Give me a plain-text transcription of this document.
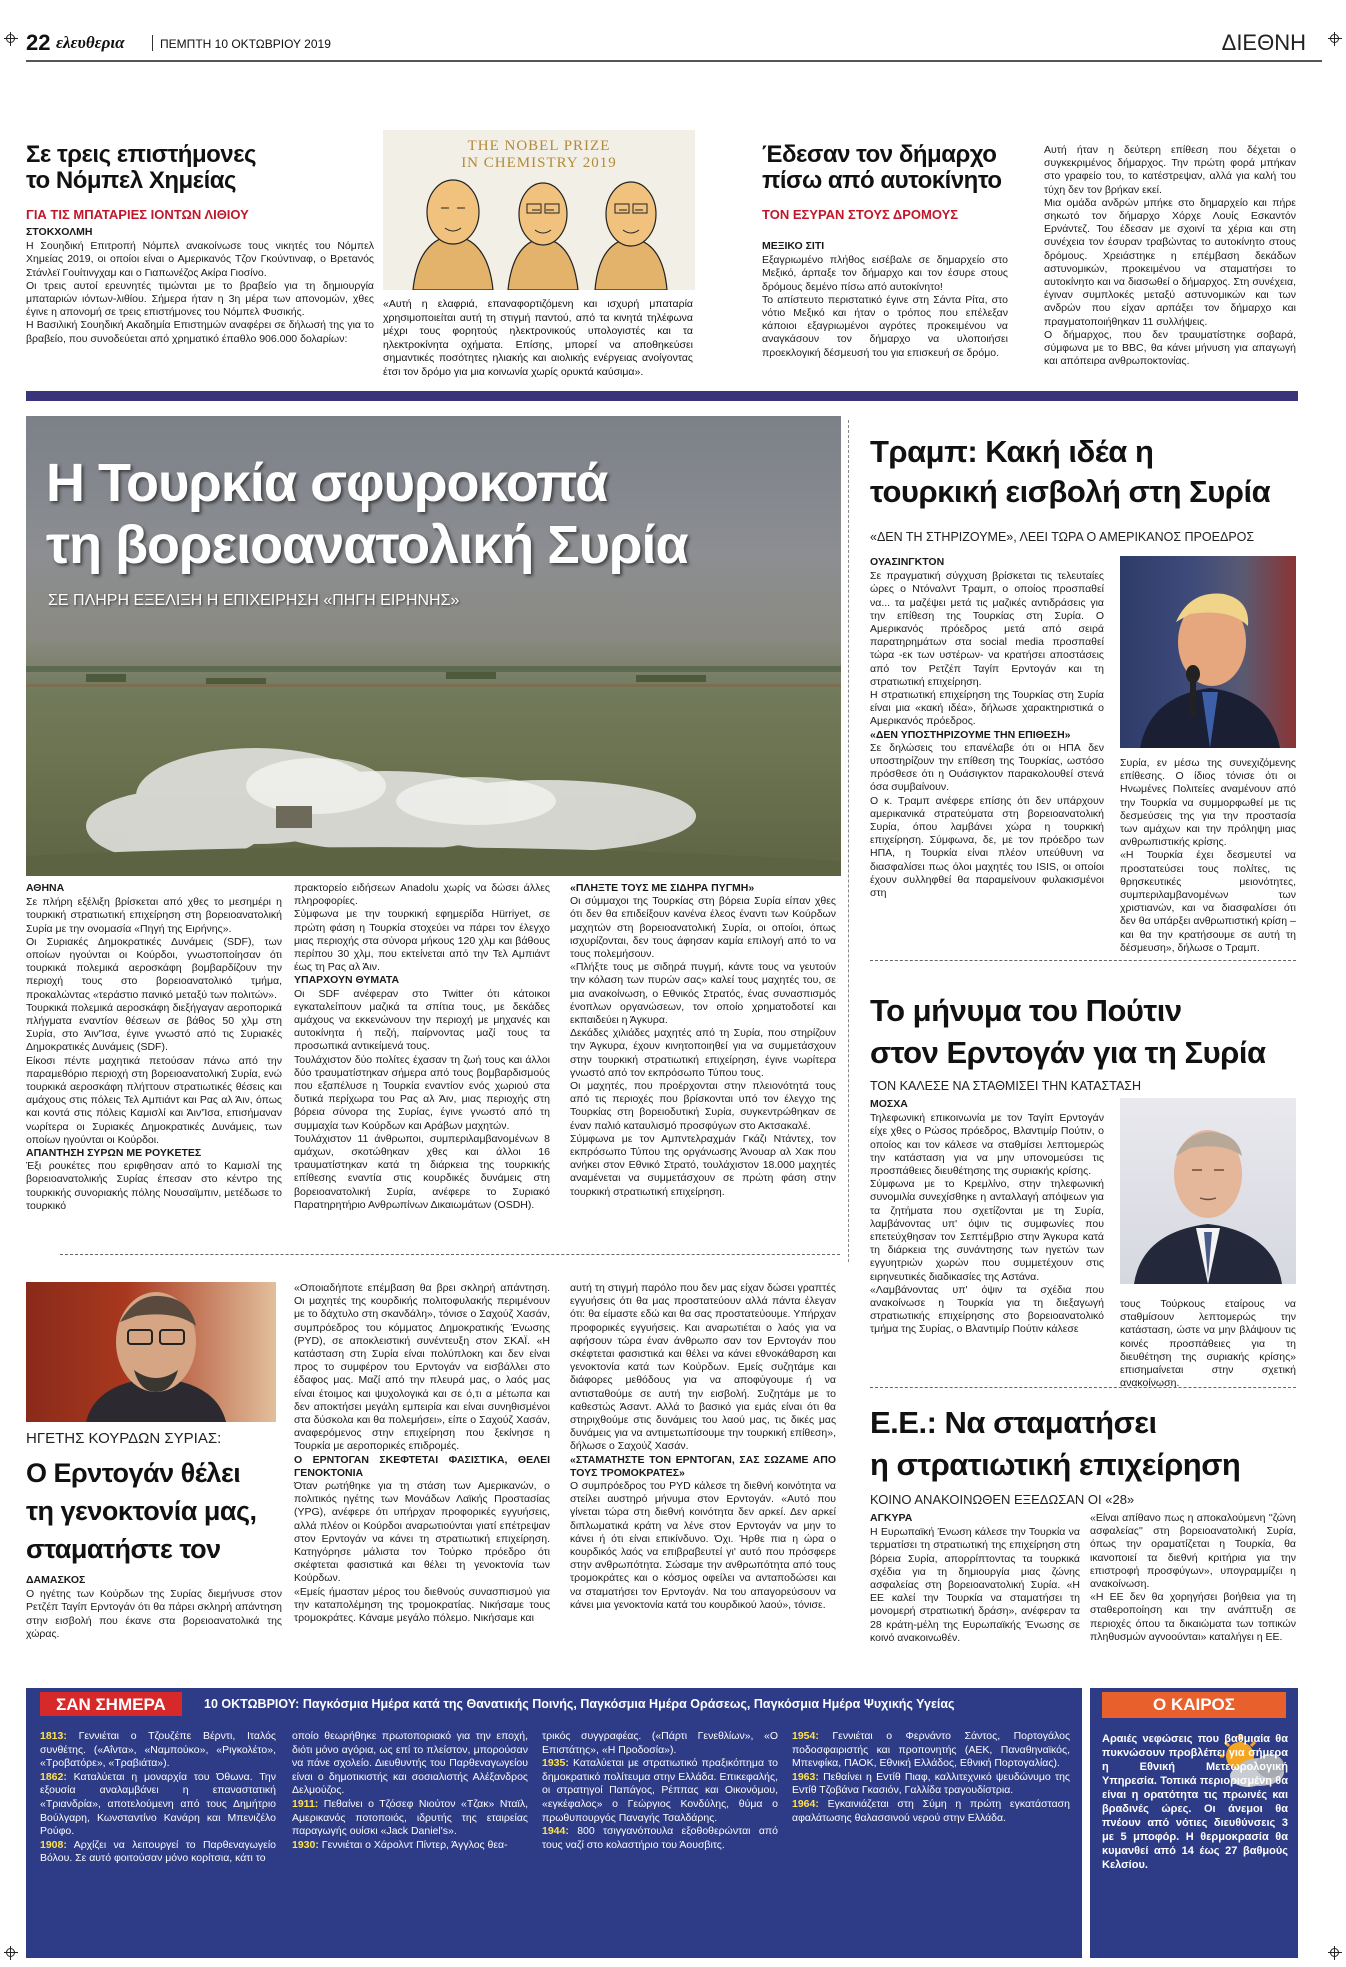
22 ελευθερια	ΠΕΜΠΤΗ 10 ΟΚΤΩΒΡΙΟΥ 2019	ΔΙΕΘΝΗ
Σε τρεις επιστήμονες
το Νόμπελ Χημείας
ΓΙΑ ΤΙΣ ΜΠΑΤΑΡΙΕΣ ΙΟΝΤΩΝ ΛΙΘΙΟΥ
ΣΤΟΚΧΟΛΜΗ

Η Σουηδική Επιτροπή Νόμπελ ανακοίνωσε τους νικητές του Νόμπελ Χημείας 2019, οι οποίοι είναι ο Αμερικανός Τζον Γκούντιναφ, ο Βρετανός Στάνλεϊ Γουίτινγχαμ και ο Γιαπωνέζος Ακίρα Γιοσίνο.

Οι τρεις αυτοί ερευνητές τιμώνται με το βραβείο για τη δημιουργία μπαταριών ιόντων-λιθίου. Σήμερα ήταν η 3η μέρα των απονομών, χθες έγινε η απονομή σε τρεις επιστήμονες του Νόμπελ Φυσικής.

Η Βασιλική Σουηδική Ακαδημία Επιστημών αναφέρει σε δήλωσή της για το βραβείο, που συνοδεύεται από χρηματικό έπαθλο 906.000 δολαρίων:

THE NOBEL PRIZE
IN CHEMISTRY 2019
«Αυτή η ελαφριά, επαναφορτιζόμενη και ισχυρή μπαταρία χρησιμοποιείται αυτή τη στιγμή παντού, από τα κινητά τηλέφωνα μέχρι τους φορητούς ηλεκτρονικούς υπολογιστές και τα ηλεκτροκίνητα οχήματα. Επίσης, μπορεί να αποθηκεύσει σημαντικές ποσότητες ηλιακής και αιολικής ενέργειας ανοίγοντας έτσι τον δρόμο για μια κοινωνία χωρίς ορυκτά καύσιμα».
Έδεσαν τον δήμαρχο
πίσω από αυτοκίνητο
ΤΟΝ ΕΣΥΡΑΝ ΣΤΟΥΣ ΔΡΟΜΟΥΣ
ΜΕΞΙΚΟ ΣΙΤΙ

Εξαγριωμένο πλήθος εισέβαλε σε δημαρχείο στο Μεξικό, άρπαξε τον δήμαρχο και τον έσυρε στους δρόμους δεμένο πίσω από αυτοκίνητο!

Το απίστευτο περιστατικό έγινε στη Σάντα Ρίτα, στο νότιο Μεξικό και ήταν ο τρόπος που επέλεξαν κάποιοι εξαγριωμένοι αγρότες προκειμένου να αναγκάσουν τον δήμαρχο να υλοποιήσει προεκλογική δέσμευσή του για επισκευή σε δρόμο.

Αυτή ήταν η δεύτερη επίθεση που δέχεται ο συγκεκριμένος δήμαρχος. Την πρώτη φορά μπήκαν στο γραφείο του, το κατέστρεψαν, αλλά για καλή του τύχη δεν τον βρήκαν εκεί.

Μια ομάδα ανδρών μπήκε στο δημαρχείο και πήρε σηκωτό τον δήμαρχο Χόρχε Λουίς Εσκαντόν Ερνάντεζ. Του έδεσαν με σχοινί τα χέρια και στη συνέχεια τον έσυραν τραβώντας το αυτοκίνητο στους δρόμους. Χρειάστηκε η επέμβαση δεκάδων αστυνομικών, προκειμένου να σταματήσει το αυτοκίνητο και να διασωθεί ο δήμαρχος. Στη συνέχεια, έγιναν συμπλοκές μεταξύ αστυνομικών και των ανδρών που είχαν αρπάξει τον δήμαρχο και πραγματοποιήθηκαν 11 συλλήψεις.

Ο δήμαρχος, που δεν τραυματίστηκε σοβαρά, σύμφωνα με το BBC, θα κάνει μήνυση για απαγωγή και απόπειρα ανθρωποκτονίας.

Η Τουρκία σφυροκοπά
τη βορειοανατολική Συρία
ΣΕ ΠΛΗΡΗ ΕΞΕΛΙΞΗ Η ΕΠΙΧΕΙΡΗΣΗ «ΠΗΓΗ ΕΙΡΗΝΗΣ»
ΑΘΗΝΑ

Σε πλήρη εξέλιξη βρίσκεται από χθες το μεσημέρι η τουρκική στρατιωτική επιχείρηση στη βορειοανατολική Συρία με την ονομασία «Πηγή της Ειρήνης».

Οι Συριακές Δημοκρατικές Δυνάμεις (SDF), των οποίων ηγούνται οι Κούρδοι, γνωστοποίησαν ότι τουρκικά πολεμικά αεροσκάφη βομβαρδίζουν την περιοχή τους στο βορειοανατολικό τμήμα, προκαλώντας «τεράστιο πανικό μεταξύ των πολιτών».

Τουρκικά πολεμικά αεροσκάφη διεξήγαγαν αεροπορικά πλήγματα εναντίον θέσεων σε βάθος 50 χλμ στη Συρία, στο Άιν'Ίσα, έγινε γνωστό από τις Συριακές Δημοκρατικές Δυνάμεις (SDF).

Είκοσι πέντε μαχητικά πετούσαν πάνω από την παραμεθόριο περιοχή στη βορειοανατολική Συρία, ενώ τουρκικά αεροσκάφη πλήττουν στρατιωτικές θέσεις και αμάχους στις πόλεις Τελ Αμπιάντ και Ρας αλ Άιν, όπως και κοντά στις πόλεις Καμισλί και Άιν'Ίσα, επισήμαναν νωρίτερα οι Συριακές Δημοκρατικές Δυνάμεις, των οποίων ηγούνται οι Κούρδοι.

ΑΠΑΝΤΗΣΗ ΣΥΡΩΝ ΜΕ ΡΟΥΚΕΤΕΣ

Έξι ρουκέτες που εριφθησαν από το Καμισλί της βορειοανατολικής Συρίας έπεσαν στο κέντρο της τουρκικής συνοριακής πόλης Νουσαϊμπιν, μετέδωσε το τουρκικό

πρακτορείο ειδήσεων Anadolu χωρίς να δώσει άλλες πληροφορίες.

Σύμφωνα με την τουρκική εφημερίδα Hürriyet, σε πρώτη φάση η Τουρκία στοχεύει να πάρει τον έλεγχο μιας περιοχής στα σύνορα μήκους 120 χλμ και βάθους περίπου 30 χλμ, που εκτείνεται από την Τελ Αμπιάντ έως τη Ρας αλ Άιν.

ΥΠΑΡΧΟΥΝ ΘΥΜΑΤΑ

Οι SDF ανέφεραν στο Twitter ότι κάτοικοι εγκαταλείπουν μαζικά τα σπίτια τους, με δεκάδες αμάχους να εκκενώνουν την περιοχή με μηχανές και αυτοκίνητα ή πεζή, παίρνοντας μαζί τους τα προσωπικά αντικείμενά τους.

Τουλάχιστον δύο πολίτες έχασαν τη ζωή τους και άλλοι δύο τραυματίστηκαν σήμερα από τους βομβαρδισμούς που εξαπέλυσε η Τουρκία εναντίον ενός χωριού στα δυτικά περίχωρα του Ρας αλ Άιν, μιας περιοχής στη βόρεια σύνορα της Συρίας, έγινε γνωστό από τη συμμαχία των Κούρδων και Αράβων μαχητών.

Τουλάχιστον 11 άνθρωποι, συμπεριλαμβανομένων 8 αμάχων, σκοτώθηκαν χθες και άλλοι 16 τραυματίστηκαν κατά τη διάρκεια της τουρκικής επίθεσης εναντία στις κουρδικές δυνάμεις στη βορειοανατολική Συρία, ανέφερε το Συριακό Παρατηρητήριο Ανθρωπίνων Δικαιωμάτων (OSDH).

«ΠΛΗΞΤΕ ΤΟΥΣ ΜΕ ΣΙΔΗΡΑ ΠΥΓΜΗ»

Οι σύμμαχοι της Τουρκίας στη βόρεια Συρία είπαν χθες ότι δεν θα επιδείξουν κανένα έλεος έναντι των Κούρδων μαχητών στη βορειοανατολική Συρία, οι οποίοι, όπως ισχυρίζονται, δεν τους άφησαν καμία επιλογή από το να τους πολεμήσουν.

«Πλήξτε τους με σιδηρά πυγμή, κάντε τους να γευτούν την κόλαση των πυρών σας» καλεί τους μαχητές του, σε μια ανακοίνωση, ο Εθνικός Στρατός, ένας συνασπισμός ένοπλων οργανώσεων, τον οποίο χρηματοδοτεί και εκπαιδεύει η Άγκυρα.

Δεκάδες χιλιάδες μαχητές από τη Συρία, που στηρίζουν την Άγκυρα, έχουν κινητοποιηθεί για να συμμετάσχουν στην τουρκική στρατιωτική επιχείρηση, έγινε νωρίτερα γνωστό από τον εκπρόσωπο Τύπου τους.

Οι μαχητές, που προέρχονται στην πλειονότητά τους από τις περιοχές που βρίσκονται υπό τον έλεγχο της Τουρκίας στη βορειοδυτική Συρία, συγκεντρώθηκαν σε έναν παλιό καταυλισμό προσφύγων στο Ακτσακαλέ.

Σύμφωνα με τον Αμπντελραχμάν Γκάζι Ντάντεχ, τον εκπρόσωπο Τύπου της οργάνωσης Άνουαρ αλ Χακ που ανήκει στον Εθνικό Στρατό, τουλάχιστον 18.000 μαχητές αναμένεται να συμμετάσχουν σε πρώτη φάση στην τουρκική στρατιωτική επιχείρηση.

Τραμπ: Κακή ιδέα η
τουρκική εισβολή στη Συρία
«ΔΕΝ ΤΗ ΣΤΗΡΙΖΟΥΜΕ», ΛΕΕΙ ΤΩΡΑ Ο ΑΜΕΡΙΚΑΝΟΣ ΠΡΟΕΔΡΟΣ
ΟΥΑΣΙΝΓΚΤΟΝ

Σε πραγματική σύγχυση βρίσκεται τις τελευταίες ώρες ο Ντόναλντ Τραμπ, ο οποίος προσπαθεί να... τα μαζέψει μετά τις μαζικές αντιδράσεις για την επίθεση της Τουρκίας στη Συρία. Ο Αμερικανός πρόεδρος μετά από σειρά παρατηρημάτων στα social media προσπαθεί τώρα -εκ των υστέρων- να κρατήσει αποστάσεις από τον Ρετζέπ Ταγίπ Ερντογάν και τη στρατιωτική επιχείρηση.

Η στρατιωτική επιχείρηση της Τουρκίας στη Συρία είναι μια «κακή ιδέα», δήλωσε χαρακτηριστικά ο Αμερικανός πρόεδρος.

«ΔΕΝ ΥΠΟΣΤΗΡΙΖΟΥΜΕ ΤΗΝ ΕΠΙΘΕΣΗ»

Σε δηλώσεις του επανέλαβε ότι οι ΗΠΑ δεν υποστηρίζουν την επίθεση της Τουρκίας, ωστόσο πρόσθεσε ότι η Ουάσιγκτον παρακολουθεί στενά όσα συμβαίνουν.

Ο κ. Τραμπ ανέφερε επίσης ότι δεν υπάρχουν αμερικανικά στρατεύματα στη βορειοανατολική Συρία, όπου λαμβάνει χώρα η τουρκική επιχείρηση. Σύμφωνα, δε, με τον πρόεδρο των ΗΠΑ, η Τουρκία είναι πλέον υπεύθυνη να διασφαλίσει πως όλοι μαχητές του ISIS, οι οποίοι έχουν συλληφθεί θα παραμείνουν φυλακισμένοι στη

Συρία, εν μέσω της συνεχιζόμενης επίθεσης. Ο ίδιος τόνισε ότι οι Ηνωμένες Πολιτείες αναμένουν από την Τουρκία να συμμορφωθεί με τις δεσμεύσεις της για την προστασία των αμάχων και την πρόληψη μιας ανθρωπιστικής κρίσης.

«Η Τουρκία έχει δεσμευτεί να προστατεύσει τους πολίτες, τις θρησκευτικές μειονότητες, συμπεριλαμβανομένων των χριστιανών, και να διασφαλίσει ότι δεν θα υπάρξει ανθρωπιστική κρίση – και θα την κρατήσουμε σε αυτή τη δέσμευση», δήλωσε ο Τραμπ.

Το μήνυμα του Πούτιν
στον Ερντογάν για τη Συρία
ΤΟΝ ΚΑΛΕΣΕ ΝΑ ΣΤΑΘΜΙΣΕΙ ΤΗΝ ΚΑΤΑΣΤΑΣΗ
ΜΟΣΧΑ

Τηλεφωνική επικοινωνία με τον Ταγίπ Ερντογάν είχε χθες ο Ρώσος πρόεδρος, Βλαντιμίρ Πούτιν, ο οποίος και τον κάλεσε να σταθμίσει λεπτομερώς την κατάσταση για να μην υπονομεύσει τις προσπάθειες διευθέτησης της συριακής κρίσης.

Σύμφωνα με το Κρεμλίνο, στην τηλεφωνική συνομιλία συνεχίσθηκε η ανταλλαγή απόψεων για τα ζητήματα που σχετίζονται με τη Συρία, λαμβάνοντας υπ' όψιν τις συμφωνίες που επετεύχθησαν τον Σεπτέμβριο στην Άγκυρα κατά τη διάρκεια της συνάντησης των ηγετών των εγγυητριών χωρών που συμμετέχουν στις ειρηνευτικές διαδικασίες της Αστάνα.

«Λαμβάνοντας υπ' όψιν τα σχέδια που ανακοίνωσε η Τουρκία για τη διεξαγωγή στρατιωτικής επιχείρησης στο βορειοανατολικό τμήμα της Συρίας, ο Βλαντιμίρ Πούτιν κάλεσε

τους Τούρκους εταίρους να σταθμίσουν λεπτομερώς την κατάσταση, ώστε να μην βλάψουν τις κοινές προσπάθειες για τη διευθέτηση της συριακής κρίσης» επισημαίνεται στην σχετική ανακοίνωση.

ΗΓΕΤΗΣ ΚΟΥΡΔΩΝ ΣΥΡΙΑΣ:
Ο Ερντογάν θέλει
τη γενοκτονία μας,
σταματήστε τον
ΔΑΜΑΣΚΟΣ

Ο ηγέτης των Κούρδων της Συρίας διεμήνυσε στον Ρετζέπ Ταγίπ Ερντογάν ότι θα πάρει σκληρή απάντηση στην εισβολή που έκανε στα βορειοανατολικά της χώρας.

«Οποιαδήποτε επέμβαση θα βρει σκληρή απάντηση. Οι μαχητές της κουρδικής πολιτοφυλακής περιμένουν με το δάχτυλο στη σκανδάλη», τόνισε ο Σαχούζ Χασάν, συμπρόεδρος του κόμματος Δημοκρατικής Ένωσης (PYD), σε αποκλειστική συνέντευξη στον ΣΚΑΪ. «Η κατάσταση στη Συρία είναι πολύπλοκη και δεν είναι προς το συμφέρον του Ερντογάν να εισβάλλει στο έδαφος μας. Μαζί από την πλευρά μας, ο λαός μας είναι έτοιμος και ψυχολογικά και σε ό,τι α μέτωπα και δεν αποκτήσει μεγάλη εμπειρία και είναι συνηθισμένοι στα δύσκολα και θα πολεμήσει», είπε ο Σαχούζ Χασάν, αναφερόμενος στην επιχείρηση που ξεκίνησε η Τουρκία με αεροπορικές επιδρομές.

Ο ΕΡΝΤΟΓΑΝ ΣΚΕΦΤΕΤΑΙ ΦΑΣΙΣΤΙΚΑ, ΘΕΛΕΙ ΓΕΝΟΚΤΟΝΙΑ

Όταν ρωτήθηκε για τη στάση των Αμερικανών, ο πολιτικός ηγέτης των Μονάδων Λαϊκής Προστασίας (YPG), ανέφερε ότι υπήρχαν προφορικές εγγυήσεις, αλλά πλέον οι Κούρδοι αναρωτιούνται γιατί επέτρεψαν στον Ερντογάν να κάνει τη στρατιωτική επιχείρηση. Κατηγόρησε μάλιστα τον Τούρκο πρόεδρο ότι σκέφτεται φασιστικά και θέλει τη γενοκτονία των Κούρδων.

«Εμείς ήμασταν μέρος του διεθνούς συνασπισμού για την καταπολέμηση της τρομοκρατίας. Νικήσαμε τους τρομοκράτες. Κάναμε μεγάλο πόλεμο. Νικήσαμε και

αυτή τη στιγμή παρόλο που δεν μας είχαν δώσει γραπτές εγγυήσεις ότι θα μας προστατεύουν αλλά πάντα έλεγαν ότι: θα είμαστε εδώ και θα σας προστατεύουμε. Υπήρχαν προφορικές εγγυήσεις. Και αναρωτιέται ο λαός για να αφήσουν τώρα έναν άνθρωπο σαν τον Ερντογάν που σκέφτεται φασιστικά και θέλει να κάνει εθνοκάθαρση και γενοκτονία κατά των Κούρδων. Εμείς συζητάμε και διάφορες μεθόδους για να αποφύγουμε ή να αντισταθούμε σε αυτή την εισβολή. Συζητάμε με το καθεστώς Άσαντ. Αλλά το βασικό για εμάς είναι ότι θα στηριχθούμε στις δυνάμεις του λαού μας, τις δικές μας δυνάμεις για να αντιμετωπίσουμε την τουρκική επίθεση», δήλωσε ο Σαχούζ Χασάν.

«ΣΤΑΜΑΤΗΣΤΕ ΤΟΝ ΕΡΝΤΟΓΑΝ, ΣΑΣ ΣΩΖΑΜΕ ΑΠΟ ΤΟΥΣ ΤΡΟΜΟΚΡΑΤΕΣ»

Ο συμπρόεδρος του PYD κάλεσε τη διεθνή κοινότητα να στείλει αυστηρό μήνυμα στον Ερντογάν. «Αυτό που γίνεται τώρα στη διεθνή κοινότητα δεν αρκεί. Δεν αρκεί διπλωματικά κράτη να λένε στον Ερντογάν να μην το κάνει ή ότι είναι επικίνδυνο. Όχι. Ήρθε πια η ώρα ο κουρδικός λαός να επιβραβευτεί γι' αυτό που πρόσφερε στην ανθρωπότητα. Σώσαμε την ανθρωπότητα από τους τρομοκράτες και ο κόσμος οφείλει να ανταποδώσει και να σταματήσει τον Ερντογάν. Να του απαγορεύσουν να κάνει μια γενοκτονία κατά του κουρδικού λαού», τόνισε.

Ε.Ε.: Να σταματήσει
η στρατιωτική επιχείρηση
ΚΟΙΝΟ ΑΝΑΚΟΙΝΩΘΕΝ ΕΞΕΔΩΣΑΝ ΟΙ «28»
ΑΓΚΥΡΑ

Η Ευρωπαϊκή Ένωση κάλεσε την Τουρκία να τερματίσει τη στρατιωτική της επιχείρηση στη βόρεια Συρία, απορρίπτοντας τα τουρκικά σχέδια για τη δημιουργία μιας ζώνης ασφαλείας στη βορειοανατολική Συρία. «Η ΕΕ καλεί την Τουρκία να σταματήσει τη μονομερή στρατιωτική δράση», ανέφεραν τα 28 κράτη-μέλη της Ευρωπαϊκής Ένωσης σε κοινό ανακοινωθέν.

«Είναι απίθανο πως η αποκαλούμενη ''ζώνη ασφαλείας'' στη βορειοανατολική Συρία, όπως την οραματίζεται η Τουρκία, θα ικανοποιεί τα διεθνή κριτήρια για την επιστροφή προσφύγων», υπογραμμίζει η ανακοίνωση.

«Η ΕΕ δεν θα χορηγήσει βοήθεια για τη σταθεροποίηση και την ανάπτυξη σε περιοχές όπου τα δικαιώματα των τοπικών πληθυσμών αγνοούνται» καταλήγει η ΕΕ.

ΣΑΝ ΣΗΜΕΡΑ	10 ΟΚΤΩΒΡΙΟΥ: Παγκόσμια Ημέρα κατά της Θανατικής Ποινής, Παγκόσμια Ημέρα Οράσεως, Παγκόσμια Ημέρα Ψυχικής Υγείας	Ο ΚΑΙΡΟΣ
Αραιές νεφώσεις που βαθμιαία θα πυκνώσουν προβλέπει για σήμερα η Εθνική Μετεωρολογική Υπηρεσία. Τοπικά περιορισμένη θα είναι η ορατότητα τις πρωινές και βραδινές ώρες. Οι άνεμοι θα πνέουν από νότιες διευθύνσεις 3 με 5 μποφόρ. Η θερμοκρασία θα κυμανθεί από 14 έως 27 βαθμούς Κελσίου.

1813: Γεννιέται ο Τζουζέπε Βέρντι, Ιταλός συνθέτης. («Αΐντα», «Ναμπούκο», «Ριγκολέτο», «Τροβατόρε», «Τραβιάτα»).

1862: Καταλύεται η μοναρχία του Όθωνα. Την εξουσία αναλαμβάνει η επαναστατική «Τριανδρία», αποτελούμενη από τους Δημήτριο Βούλγαρη, Κωνσταντίνο Κανάρη και Μπενιζέλο Ρούφο.

1908: Αρχίζει να λειτουργεί το Παρθεναγωγείο Βόλου. Σε αυτό φοιτούσαν μόνο κορίτσια, κάτι το

οποίο θεωρήθηκε πρωτοποριακό για την εποχή, διότι μόνο αγόρια, ως επί το πλείστον, μπορούσαν να πάνε σχολείο. Διευθυντής του Παρθεναγωγείου είναι ο δημοτικιστής και σοσιαλιστής Αλέξανδρος Δελμούζος.

1911: Πεθαίνει ο Τζόσεφ Νιούτον «Τζακ» Νταϊλ, Αμερικανός ποτοποιός, ιδρυτής της εταιρείας παραγωγής ουίσκι «Jack Daniel's».

1930: Γεννιέται ο Χάρολντ Πίντερ, Άγγλος θεα-

τρικός συγγραφέας. («Πάρτι Γενεθλίων», «Ο Επιστάτης», «Η Προδοσία»).

1935: Καταλύεται με στρατιωτικό πραξικόπημα το δημοκρατικό πολίτευμα στην Ελλάδα. Επικεφαλής, οι στρατηγοί Παπάγος, Ρέππας και Οικονόμου, «εγκέφαλος» ο Γεώργιος Κονδύλης, θύμα ο πρωθυπουργός Παναγής Τσαλδάρης.

1944: 800 τσιγγανόπουλα εξοθοθερώνται από τους ναζί στο κολαστήριο του Άουσβιτς.

1954: Γεννιέται ο Φερνάντο Σάντος, Πορτογάλος ποδοσφαιριστής και προπονητής (ΑΕΚ, Παναθηναϊκός, Μπενφίκα, ΠΑΟΚ, Εθνική Ελλάδος, Εθνική Πορτογαλίας).

1963: Πεθαίνει η Εντίθ Πιαφ, καλλιτεχνικό ψευδώνυμο της Εντίθ Τζοβάνα Γκασιόν, Γαλλίδα τραγουδίστρια.

1964: Εγκαινιάζεται στη Σύμη η πρώτη εγκατάσταση αφαλάτωσης θαλασσινού νερού στην Ελλάδα.
